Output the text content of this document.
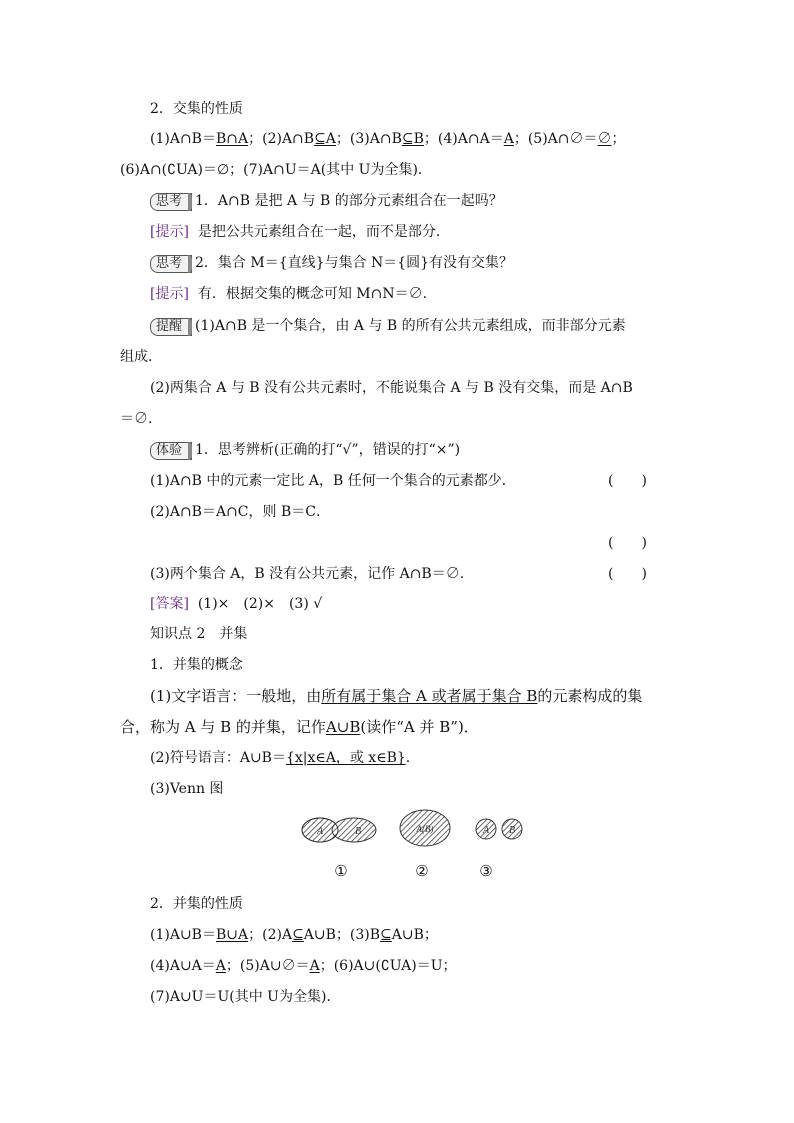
2．交集的性质
(1)A∩B＝B∩A；(2)A∩B⊆A；(3)A∩B⊆B；(4)A∩A＝A；(5)A∩∅＝∅；
(6)A∩(∁UA)＝∅；(7)A∩U＝A(其中 U为全集)．
思考 1．A∩B 是把 A 与 B 的部分元素组合在一起吗？
[提示] 是把公共元素组合在一起，而不是部分．
思考 2．集合 M＝{直线}与集合 N＝{圆}有没有交集？
[提示] 有．根据交集的概念可知 M∩N＝∅.
提醒 (1)A∩B 是一个集合，由 A 与 B 的所有公共元素组成，而非部分元素
组成．
(2)两集合 A 与 B 没有公共元素时，不能说集合 A 与 B 没有交集，而是 A∩B
＝∅.
体验 1．思考辨析(正确的打“√”，错误的打“×”)
(1)A∩B 中的元素一定比 A，B 任何一个集合的元素都少．	(　　)
(2)A∩B＝A∩C，则 B＝C．
(　　)
(3)两个集合 A，B 没有公共元素，记作 A∩B＝∅.	(　　)
[答案] (1)×　(2)×　(3) √
知识点 2　并集
1．并集的概念
(1)文字语言：一般地，由所有属于集合 A 或者属于集合 B的元素构成的集
合，称为 A 与 B 的并集，记作A∪B(读作“A 并 B”)．
(2)符号语言：A∪B＝{x|x∈A，或 x∈B}.
(3)Venn 图
A	B	A(B)	A B
①	②	③
2．并集的性质
(1)A∪B＝B∪A；(2)A⊆A∪B；(3)B⊆A∪B；
(4)A∪A＝A；(5)A∪∅＝A；(6)A∪(∁UA)＝U；
(7)A∪U＝U(其中 U为全集)．
